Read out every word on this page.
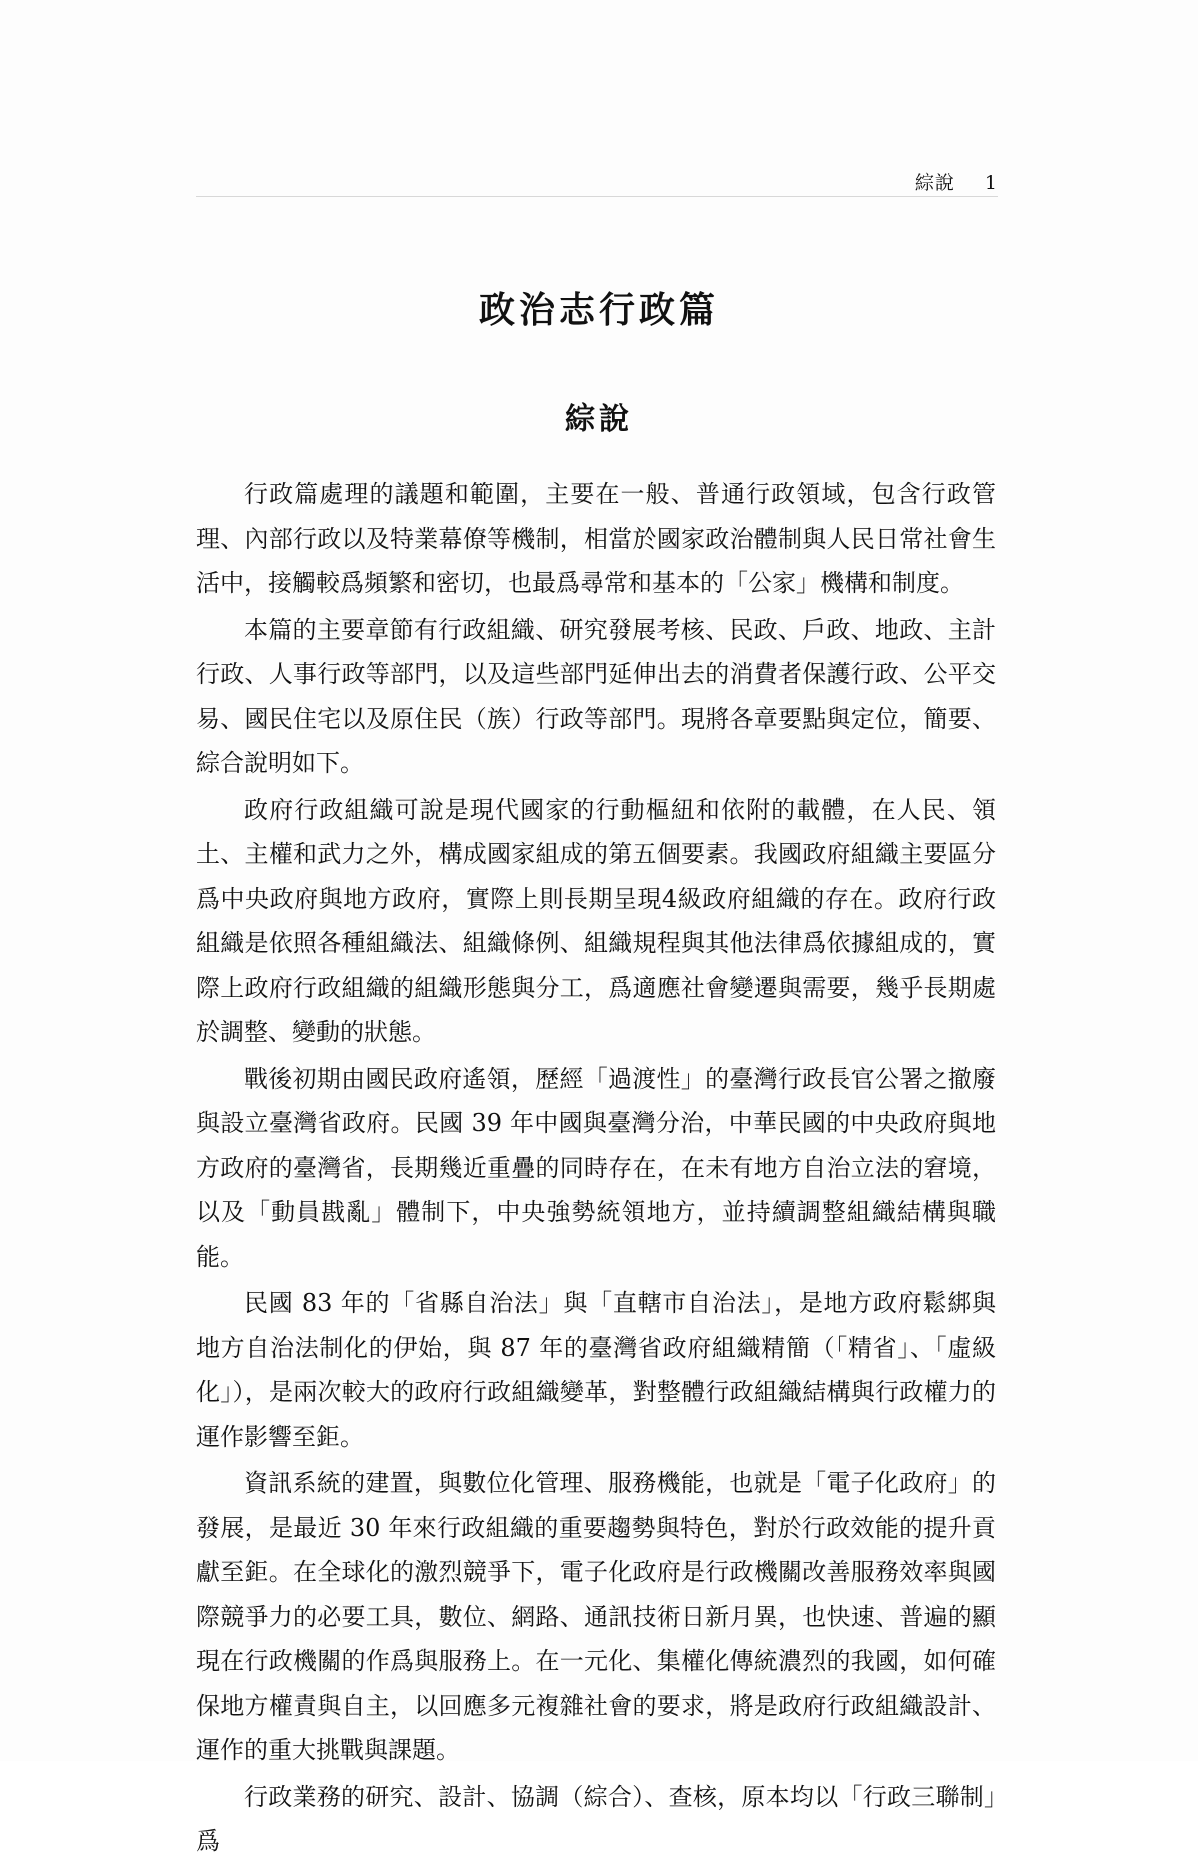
綜說 1
政治志行政篇
綜說

行政篇處理的議題和範圍，主要在一般、普通行政領域，包含行政管理、內部行政以及特業幕僚等機制，相當於國家政治體制與人民日常社會生活中，接觸較爲頻繁和密切，也最爲尋常和基本的「公家」機構和制度。

本篇的主要章節有行政組織、研究發展考核、民政、戶政、地政、主計行政、人事行政等部門，以及這些部門延伸出去的消費者保護行政、公平交易、國民住宅以及原住民（族）行政等部門。現將各章要點與定位，簡要、綜合說明如下。

政府行政組織可說是現代國家的行動樞紐和依附的載體，在人民、領土、主權和武力之外，構成國家組成的第五個要素。我國政府組織主要區分爲中央政府與地方政府，實際上則長期呈現4級政府組織的存在。政府行政組織是依照各種組織法、組織條例、組織規程與其他法律爲依據組成的，實際上政府行政組織的組織形態與分工，爲適應社會變遷與需要，幾乎長期處於調整、變動的狀態。

戰後初期由國民政府遙領，歷經「過渡性」的臺灣行政長官公署之撤廢與設立臺灣省政府。民國 39 年中國與臺灣分治，中華民國的中央政府與地方政府的臺灣省，長期幾近重疊的同時存在，在未有地方自治立法的窘境，以及「動員戡亂」體制下，中央強勢統領地方，並持續調整組織結構與職能。

民國 83 年的「省縣自治法」與「直轄市自治法」，是地方政府鬆綁與地方自治法制化的伊始，與 87 年的臺灣省政府組織精簡（「精省」、「虛級化」），是兩次較大的政府行政組織變革，對整體行政組織結構與行政權力的運作影響至鉅。

資訊系統的建置，與數位化管理、服務機能，也就是「電子化政府」的發展，是最近 30 年來行政組織的重要趨勢與特色，對於行政效能的提升貢獻至鉅。在全球化的激烈競爭下，電子化政府是行政機關改善服務效率與國際競爭力的必要工具，數位、網路、通訊技術日新月異，也快速、普遍的顯現在行政機關的作爲與服務上。在一元化、集權化傳統濃烈的我國，如何確保地方權責與自主，以回應多元複雜社會的要求，將是政府行政組織設計、運作的重大挑戰與課題。

行政業務的研究、設計、協調（綜合）、查核，原本均以「行政三聯制」爲
